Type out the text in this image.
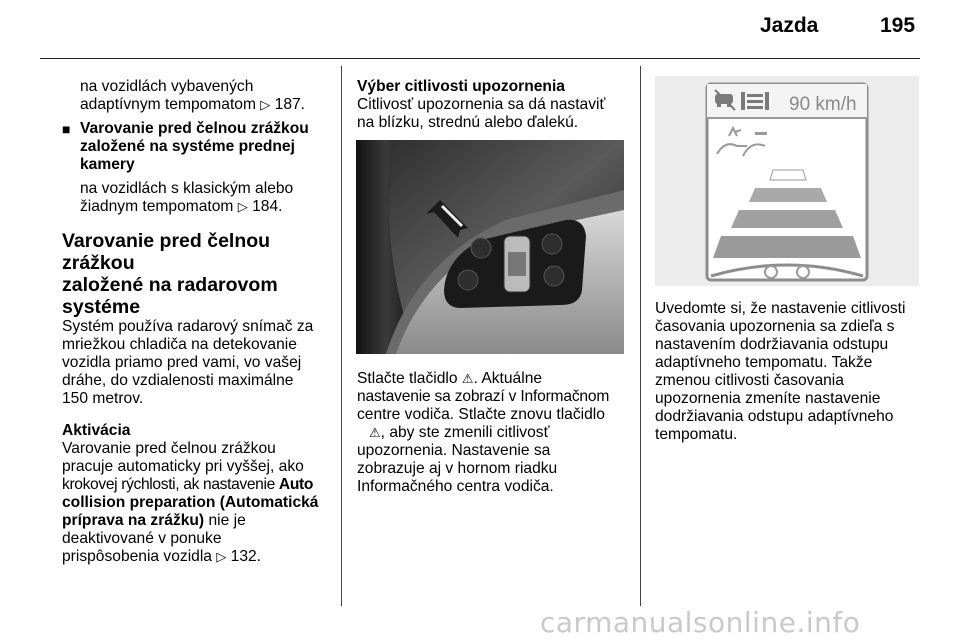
Jazda	195

na vozidlách vybavených

adaptívnym tempomatom ▷ 187.

■ Varovanie pred čelnou zrážkou

založené na systéme prednej

kamery

na vozidlách s klasickým alebo

žiadnym tempomatom ▷ 184.

Varovanie pred čelnou zrážkou

založené na radarovom

systéme

Systém používa radarový snímač za

mriežkou chladiča na detekovanie

vozidla priamo pred vami, vo vašej

dráhe, do vzdialenosti maximálne

150 metrov.

Aktivácia

Varovanie pred čelnou zrážkou

pracuje automaticky pri vyššej, ako

krokovej rýchlosti, ak nastavenie Auto

collision preparation (Automatická

príprava na zrážku) nie je

deaktivované v ponuke

prispôsobenia vozidla ▷ 132.

Výber citlivosti upozornenia

Citlivosť upozornenia sa dá nastaviť

na blízku, strednú alebo ďalekú.

Stlačte tlačidlo ⚠. Aktuálne

nastavenie sa zobrazí v Informačnom

centre vodiča. Stlačte znovu tlačidlo

⚠, aby ste zmenili citlivosť

upozornenia. Nastavenie sa

zobrazuje aj v hornom riadku

Informačného centra vodiča.

90 km/h

Uvedomte si, že nastavenie citlivosti

časovania upozornenia sa zdieľa s

nastavením dodržiavania odstupu

adaptívneho tempomatu. Takže

zmenou citlivosti časovania

upozornenia zmeníte nastavenie

dodržiavania odstupu adaptívneho

tempomatu.

carmanualsonline.info
